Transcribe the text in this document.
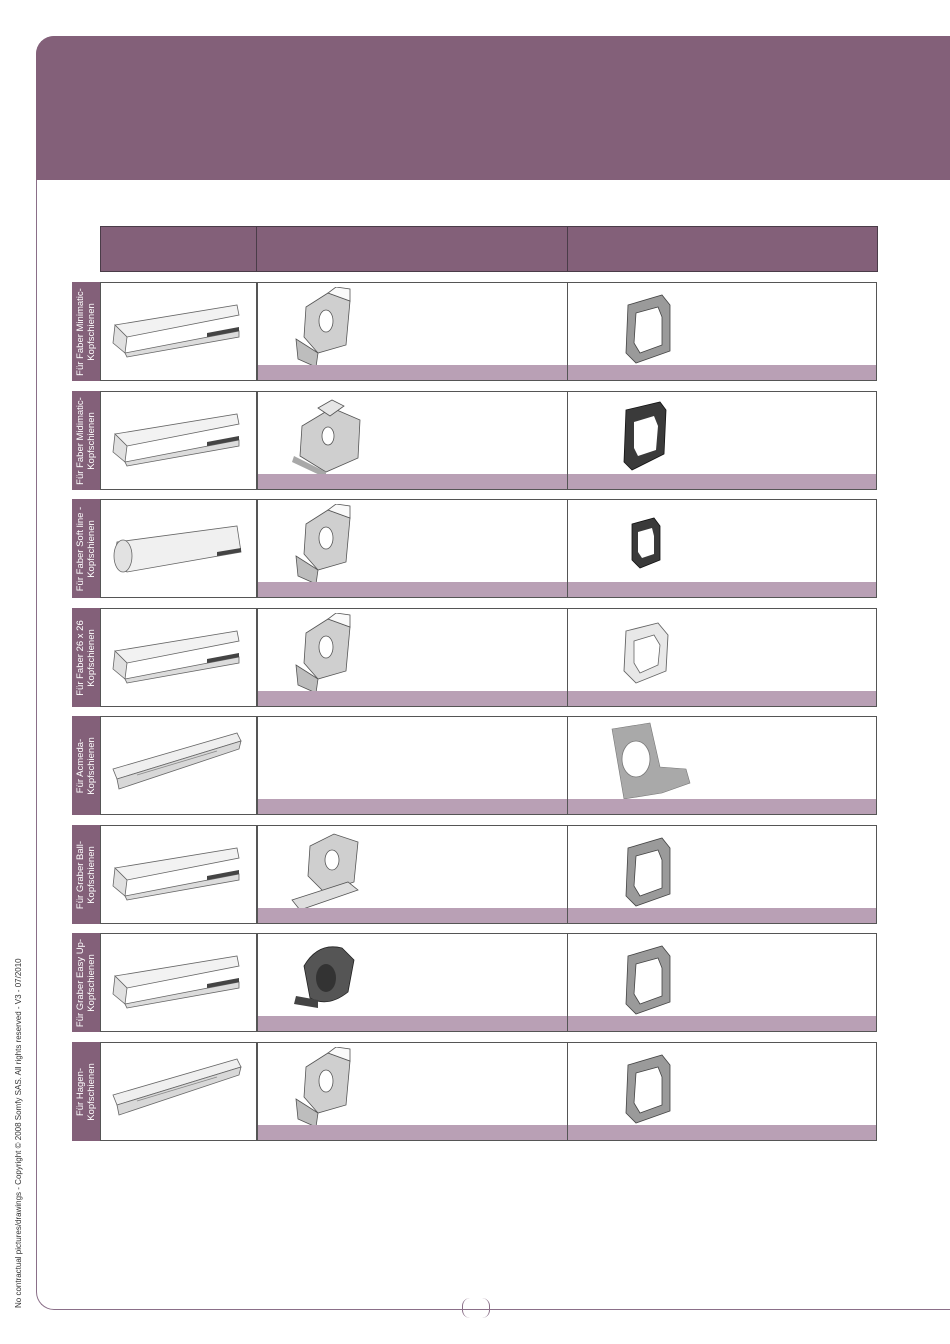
Für Faber Minimatic-Kopfschienen
Für Faber Midimatic-Kopfschienen
Für Faber Soft line -Kopfschienen
Für Faber 26 x 26 Kopfschienen
Für Acmeda-Kopfschienen
Für Graber Ball-Kopfschienen
Für Graber Easy Up-Kopfschienen
Für Hagen-Kopfschienen
No contractual pictures/drawings - Copyright © 2008 Somfy SAS. All rights reserved - V3 - 07/2010
